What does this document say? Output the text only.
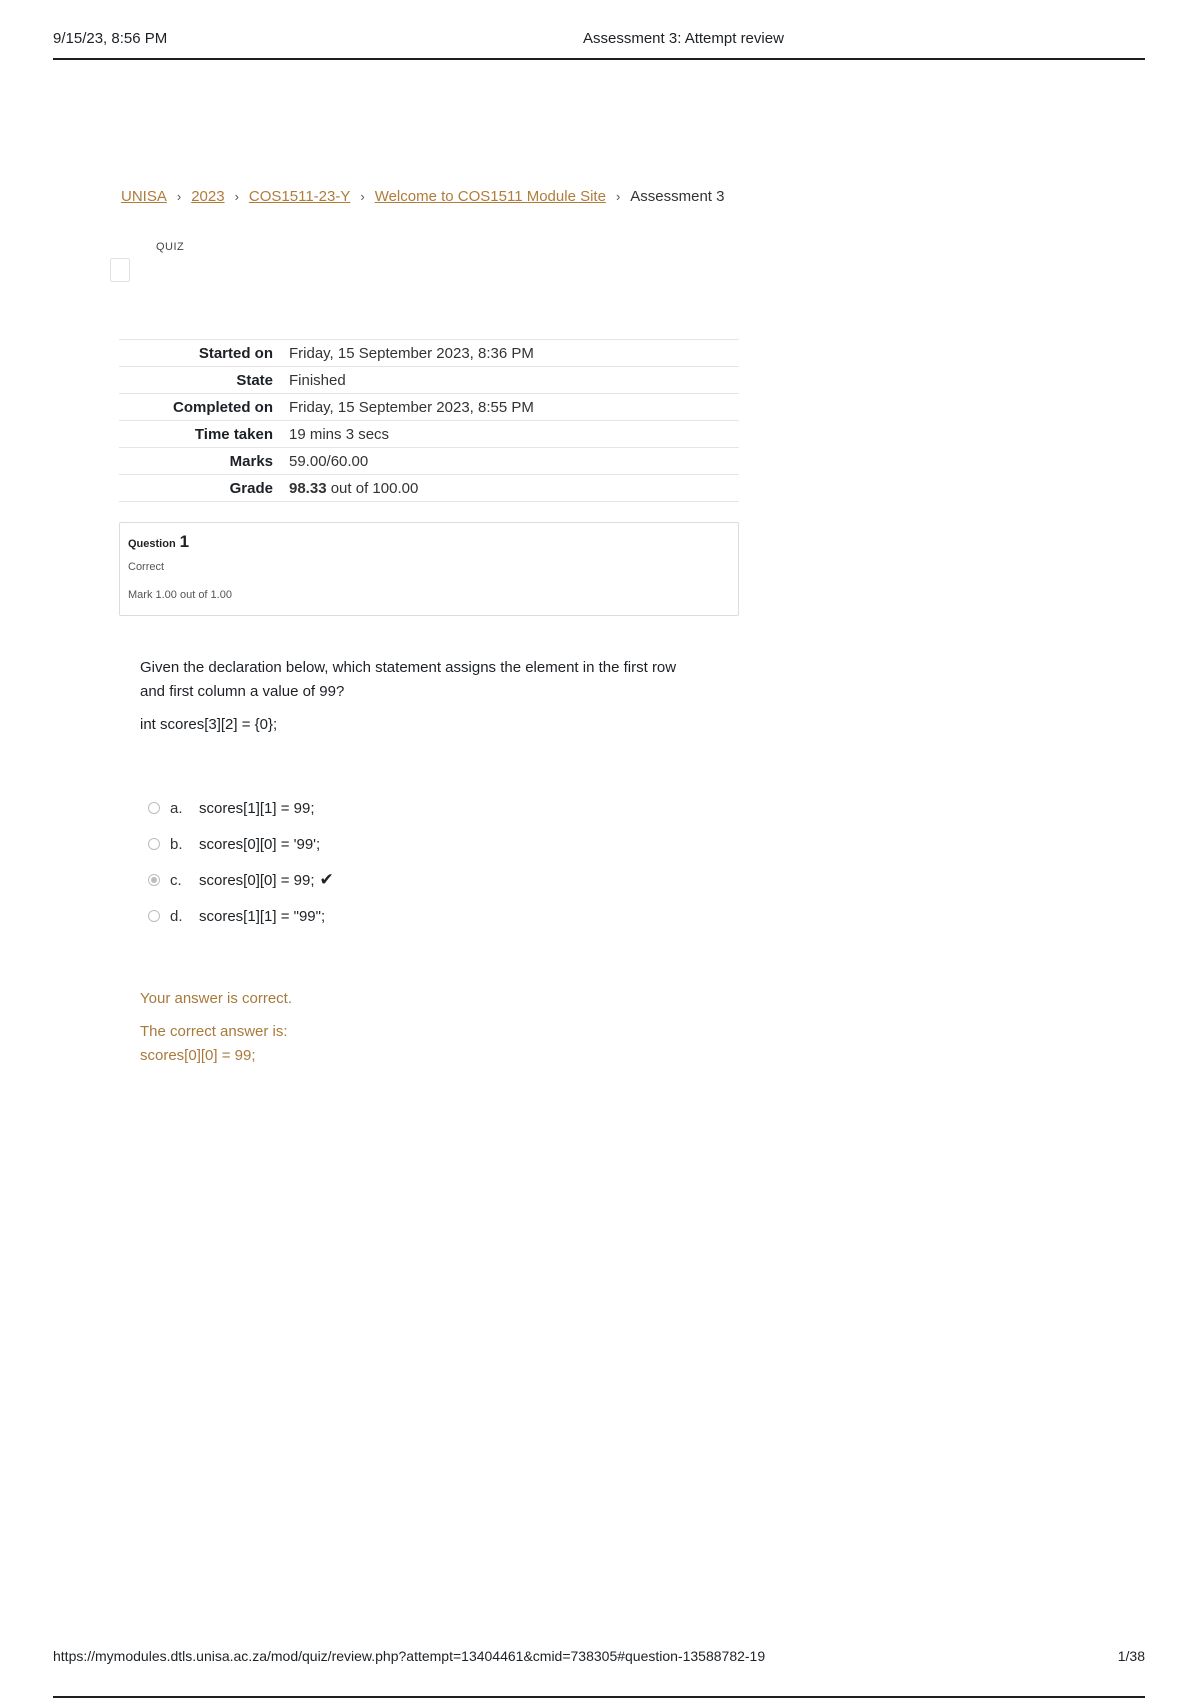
9/15/23, 8:56 PM	Assessment 3: Attempt review
UNISA › 2023 › COS1511-23-Y › Welcome to COS1511 Module Site › Assessment 3
QUIZ
Started on	Friday, 15 September 2023, 8:36 PM
State	Finished
Completed on	Friday, 15 September 2023, 8:55 PM
Time taken	19 mins 3 secs
Marks	59.00/60.00
Grade	98.33 out of 100.00
Question 1
Correct
Mark 1.00 out of 1.00
Given the declaration below, which statement assigns the element in the first row and first column a value of 99?
int scores[3][2] = {0};
a.	scores[1][1] = 99;
b.	scores[0][0] = '99';
c.	scores[0][0] = 99; ✔
d.	scores[1][1] = "99";
Your answer is correct.
The correct answer is:
scores[0][0] = 99;
https://mymodules.dtls.unisa.ac.za/mod/quiz/review.php?attempt=13404461&cmid=738305#question-13588782-19	1/38
